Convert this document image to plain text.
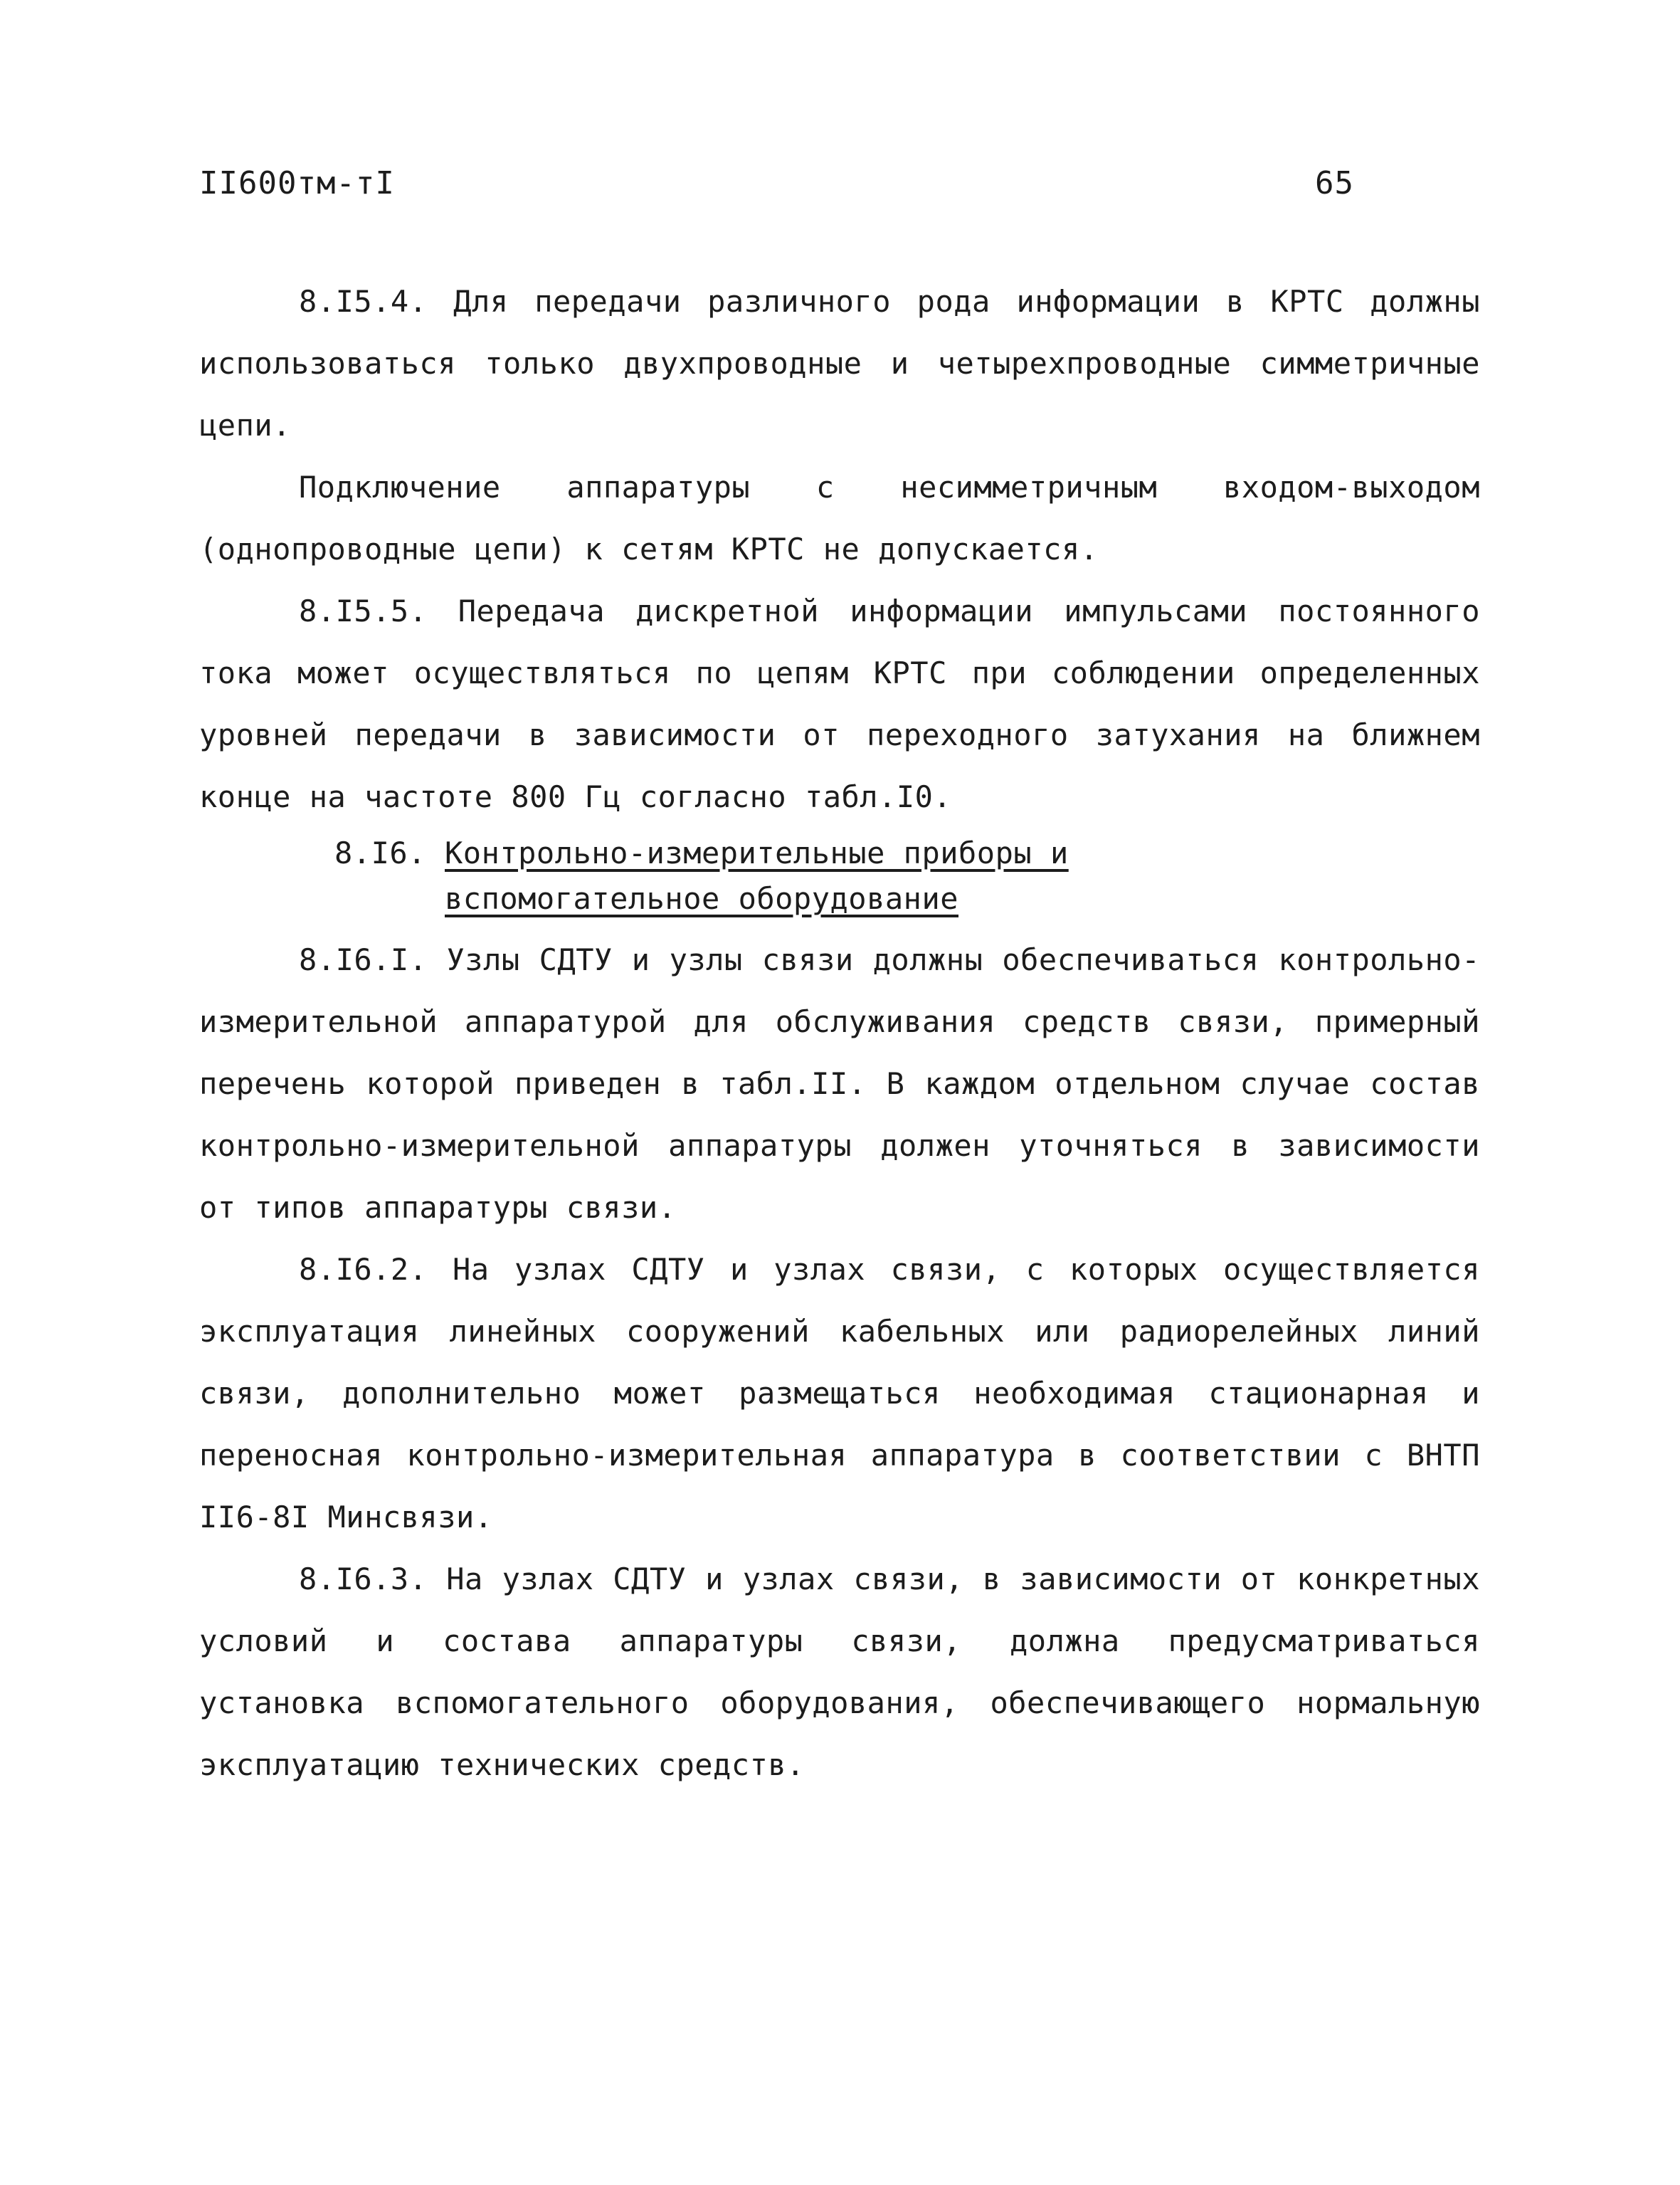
II600тм-тI	65

8.I5.4. Для передачи различного рода информации в КРТС должны использоваться только двухпроводные и четырехпроводные симметричные цепи.

Подключение аппаратуры с несимметричным входом-выходом (однопроводные цепи) к сетям КРТС не допускается.

8.I5.5. Передача дискретной информации импульсами постоянного тока может осуществляться по цепям КРТС при соблюдении определенных уровней передачи в зависимости от переходного затухания на ближнем конце на частоте 800 Гц согласно табл.I0.

8.I6. Контрольно-измерительные приборы и
вспомогательное оборудование

8.I6.I. Узлы СДТУ и узлы связи должны обеспечиваться контрольно-измерительной аппаратурой для обслуживания средств связи, примерный перечень которой приведен в табл.II. В каждом отдельном случае состав контрольно-измерительной аппаратуры должен уточняться в зависимости от типов аппаратуры связи.

8.I6.2. На узлах СДТУ и узлах связи, с которых осуществляется эксплуатация линейных сооружений кабельных или радиорелейных линий связи, дополнительно может размещаться необходимая стационарная и переносная контрольно-измерительная аппаратура в соответствии с ВНТП II6-8I Минсвязи.

8.I6.3. На узлах СДТУ и узлах связи, в зависимости от конкретных условий и состава аппаратуры связи, должна предусматриваться установка вспомогательного оборудования, обеспечивающего нормальную эксплуатацию технических средств.
